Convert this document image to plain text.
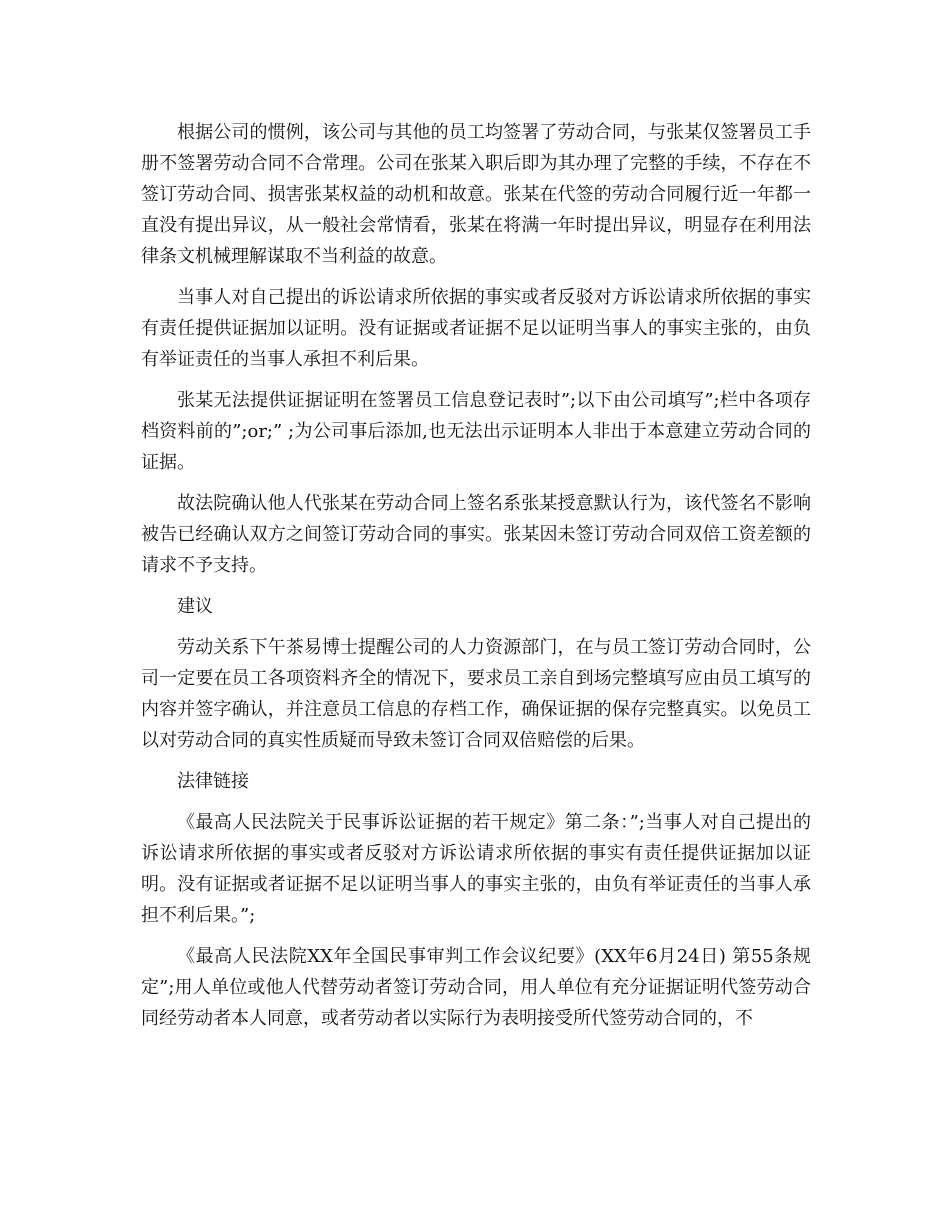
根据公司的惯例，该公司与其他的员工均签署了劳动合同，与张某仅签署员工手册不签署劳动合同不合常理。公司在张某入职后即为其办理了完整的手续，不存在不签订劳动合同、损害张某权益的动机和故意。张某在代签的劳动合同履行近一年都一直没有提出异议，从一般社会常情看，张某在将满一年时提出异议，明显存在利用法律条文机械理解谋取不当利益的故意。

当事人对自己提出的诉讼请求所依据的事实或者反驳对方诉讼请求所依据的事实有责任提供证据加以证明。没有证据或者证据不足以证明当事人的事实主张的，由负有举证责任的当事人承担不利后果。

张某无法提供证据证明在签署员工信息登记表时”;以下由公司填写”;栏中各项存档资料前的”;or;” ;为公司事后添加,也无法出示证明本人非出于本意建立劳动合同的证据。

故法院确认他人代张某在劳动合同上签名系张某授意默认行为，该代签名不影响被告已经确认双方之间签订劳动合同的事实。张某因未签订劳动合同双倍工资差额的请求不予支持。

建议

劳动关系下午茶易博士提醒公司的人力资源部门，在与员工签订劳动合同时，公司一定要在员工各项资料齐全的情况下，要求员工亲自到场完整填写应由员工填写的内容并签字确认，并注意员工信息的存档工作，确保证据的保存完整真实。以免员工以对劳动合同的真实性质疑而导致未签订合同双倍赔偿的后果。

法律链接

《最高人民法院关于民事诉讼证据的若干规定》第二条：”;当事人对自己提出的诉讼请求所依据的事实或者反驳对方诉讼请求所依据的事实有责任提供证据加以证明。没有证据或者证据不足以证明当事人的事实主张的，由负有举证责任的当事人承担不利后果。”;

《最高人民法院XX年全国民事审判工作会议纪要》(XX年6月24日) 第55条规定”;用人单位或他人代替劳动者签订劳动合同，用人单位有充分证据证明代签劳动合同经劳动者本人同意，或者劳动者以实际行为表明接受所代签劳动合同的，不
